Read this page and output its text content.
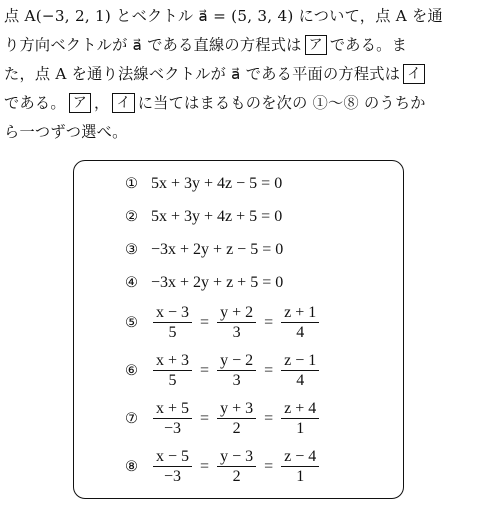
点 A(−3, 2, 1) とベクトル a⃗ = (5, 3, 4) について，点 A を通
り方向ベクトルが a⃗ である直線の方程式は ア である。ま
た，点 A を通り法線ベクトルが a⃗ である平面の方程式は イ
である。 ア ， イ に当てはまるものを次の ①〜⑧ のうちか
ら一つずつ選べ。
① 5x + 3y + 4z − 5 = 0
② 5x + 3y + 4z + 5 = 0
③ −3x + 2y + z − 5 = 0
④ −3x + 2y + z + 5 = 0
⑤ $\frac{x - 3}{5} = \frac{y + 2}{3} = \frac{z + 1}{4}$
⑥ $\frac{x + 3}{5} = \frac{y - 2}{3} = \frac{z - 1}{4}$
⑦ $\frac{x + 5}{-3} = \frac{y + 3}{2} = \frac{z + 4}{1}$
⑧ $\frac{x - 5}{-3} = \frac{y - 3}{2} = \frac{z - 4}{1}$
